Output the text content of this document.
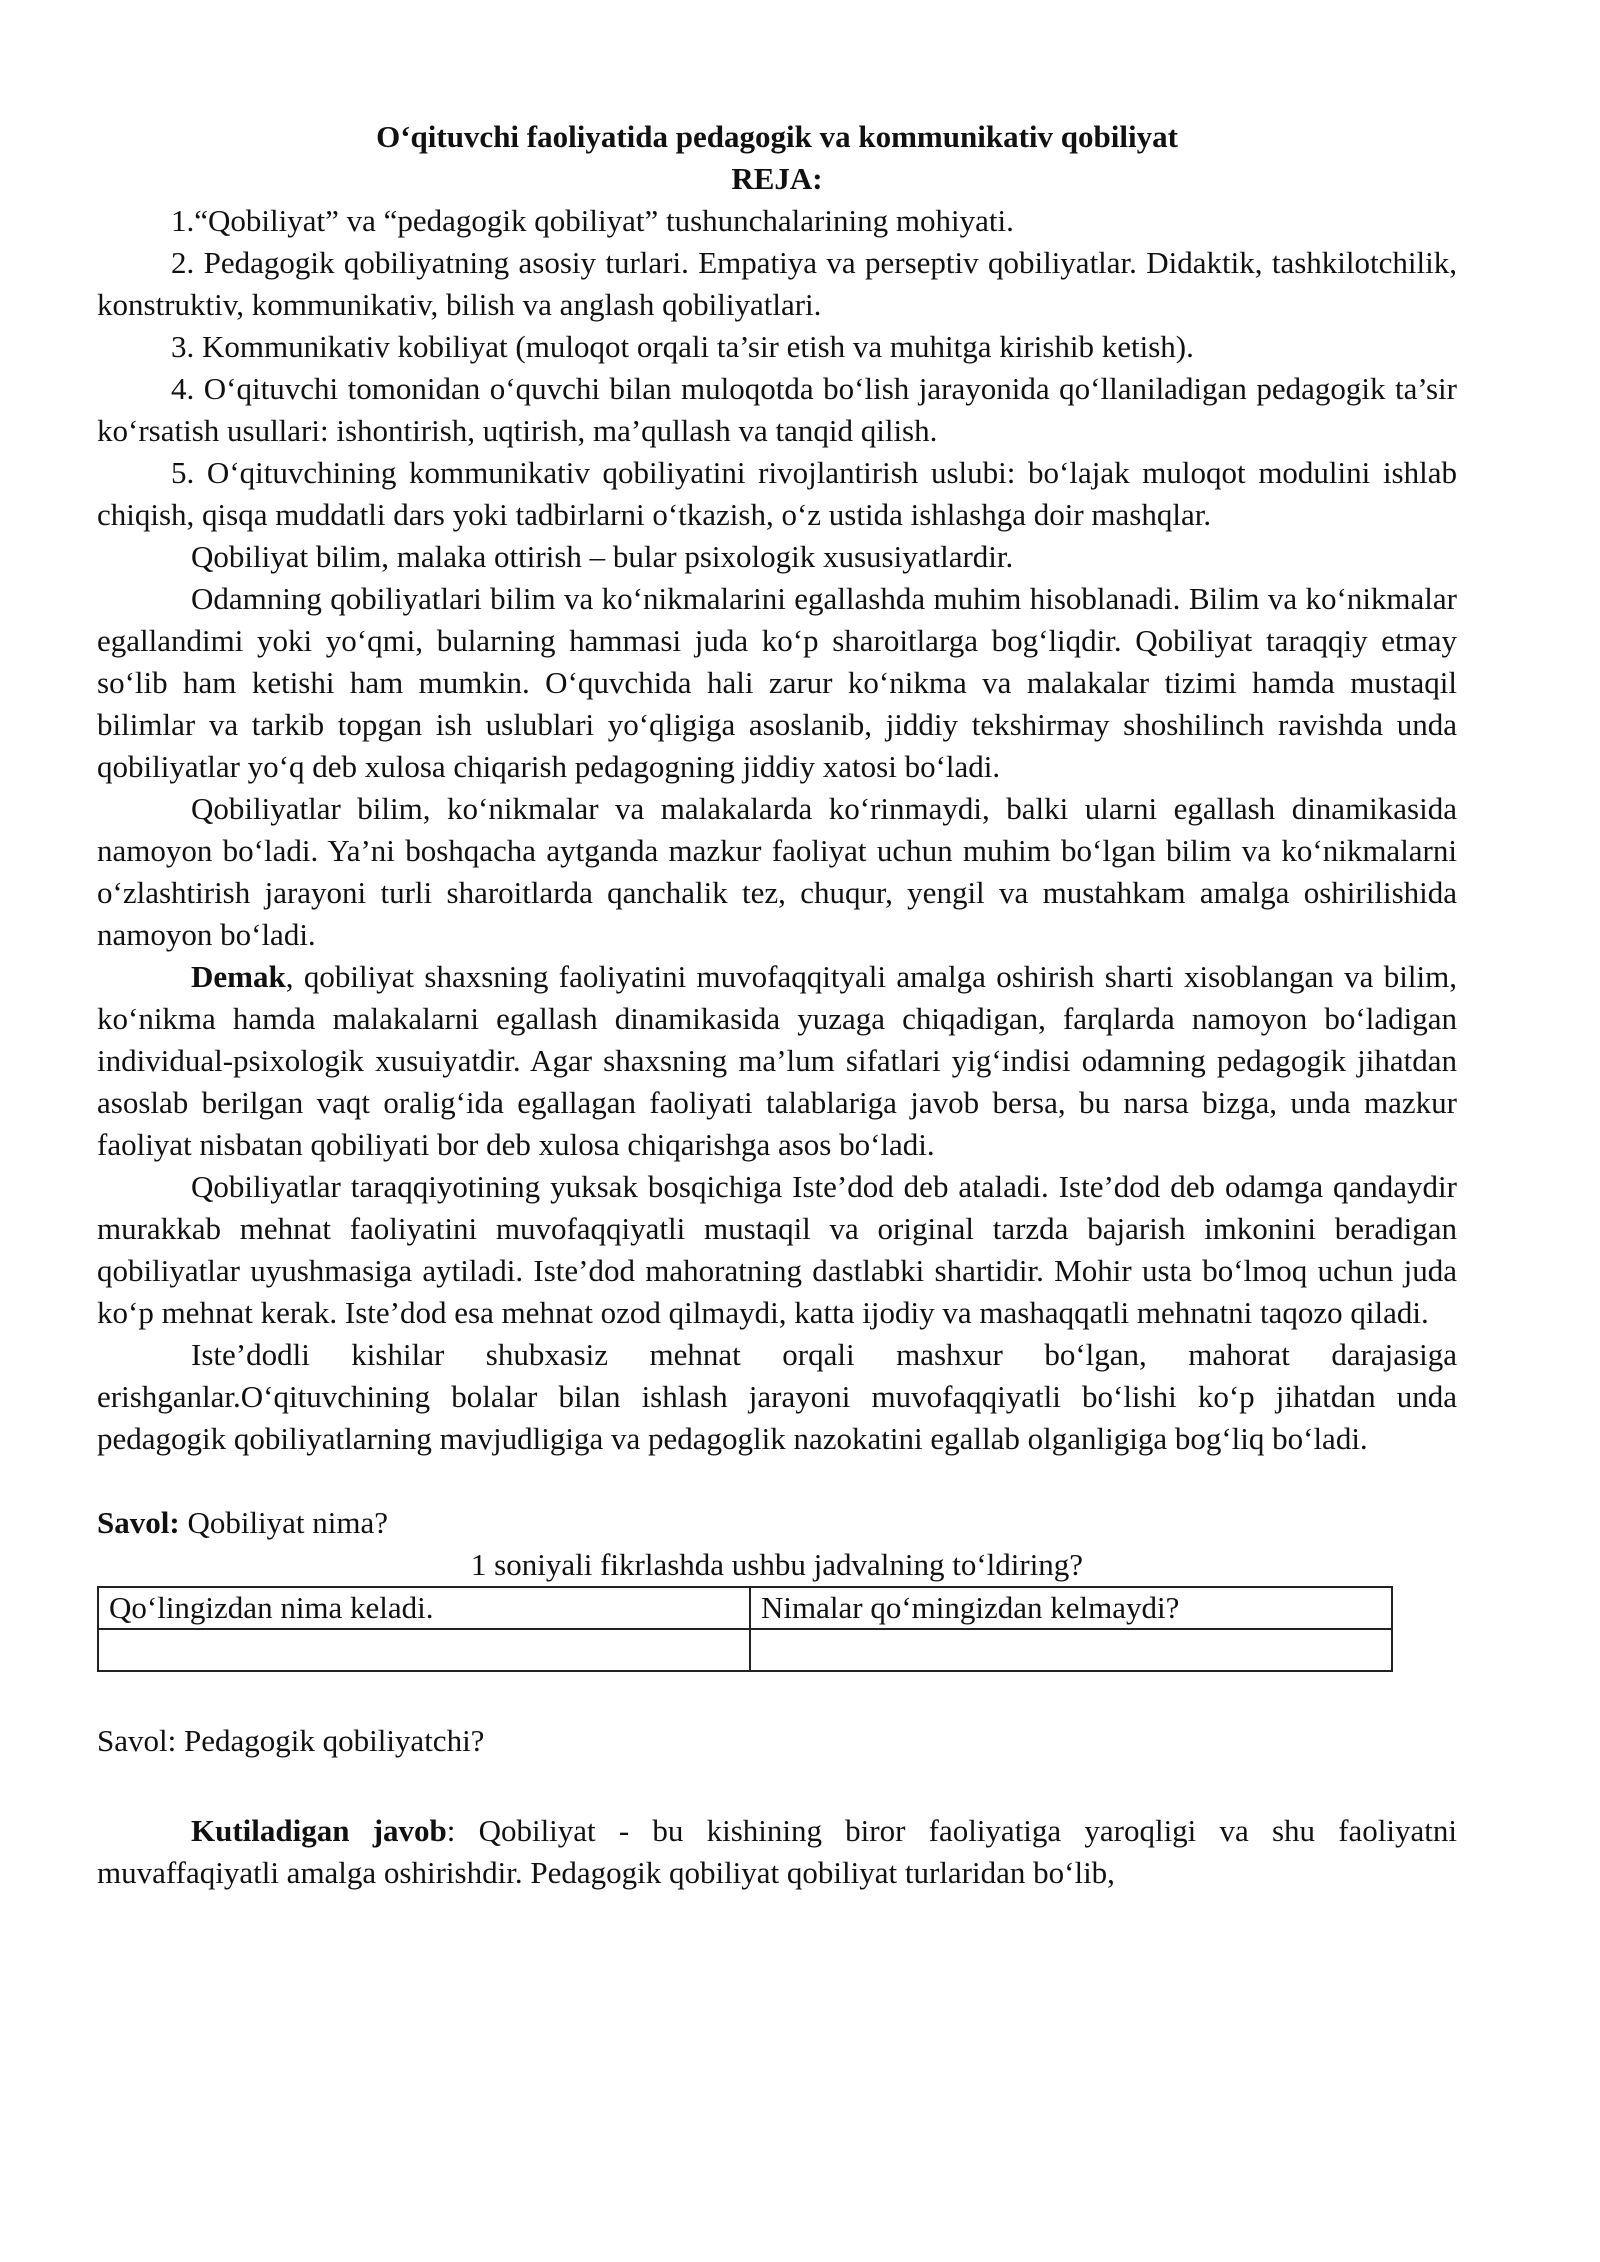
O‘qituvchi faoliyatida pedagogik va kommunikativ qobiliyat
REJA:

1.“Qobiliyat” va “pedagogik qobiliyat” tushunchalarining mohiyati.

2. Pedagogik qobiliyatning asosiy turlari. Empatiya va perseptiv qobiliyatlar. Didaktik, tashkilotchilik, konstruktiv, kommunikativ, bilish va anglash qobiliyatlari.

3. Kommunikativ kobiliyat (muloqot orqali ta’sir etish va muhitga kirishib ketish).

4. O‘qituvchi tomonidan o‘quvchi bilan muloqotda bo‘lish jarayonida qo‘llaniladigan pedagogik ta’sir ko‘rsatish usullari: ishontirish, uqtirish, ma’qullash va tanqid qilish.

5. O‘qituvchining kommunikativ qobiliyatini rivojlantirish uslubi: bo‘lajak muloqot modulini ishlab chiqish, qisqa muddatli dars yoki tadbirlarni o‘tkazish, o‘z ustida ishlashga doir mashqlar.

Qobiliyat bilim, malaka ottirish – bular psixologik xususiyatlardir.

Odamning qobiliyatlari bilim va ko‘nikmalarini egallashda muhim hisoblanadi. Bilim va ko‘nikmalar egallandimi yoki yo‘qmi, bularning hammasi juda ko‘p sharoitlarga bog‘liqdir. Qobiliyat taraqqiy etmay so‘lib ham ketishi ham mumkin. O‘quvchida hali zarur ko‘nikma va malakalar tizimi hamda mustaqil bilimlar va tarkib topgan ish uslublari yo‘qligiga asoslanib, jiddiy tekshirmay shoshilinch ravishda unda qobiliyatlar yo‘q deb xulosa chiqarish pedagogning jiddiy xatosi bo‘ladi.

Qobiliyatlar bilim, ko‘nikmalar va malakalarda ko‘rinmaydi, balki ularni egallash dinamikasida namoyon bo‘ladi. Ya’ni boshqacha aytganda mazkur faoliyat uchun muhim bo‘lgan bilim va ko‘nikmalarni o‘zlashtirish jarayoni turli sharoitlarda qanchalik tez, chuqur, yengil va mustahkam amalga oshirilishida namoyon bo‘ladi.

Demak, qobiliyat shaxsning faoliyatini muvofaqqityali amalga oshirish sharti xisoblangan va bilim, ko‘nikma hamda malakalarni egallash dinamikasida yuzaga chiqadigan, farqlarda namoyon bo‘ladigan individual-psixologik xusuiyatdir. Agar shaxsning ma’lum sifatlari yig‘indisi odamning pedagogik jihatdan asoslab berilgan vaqt oralig‘ida egallagan faoliyati talablariga javob bersa, bu narsa bizga, unda mazkur faoliyat nisbatan qobiliyati bor deb xulosa chiqarishga asos bo‘ladi.

Qobiliyatlar taraqqiyotining yuksak bosqichiga Iste’dod deb ataladi. Iste’dod deb odamga qandaydir murakkab mehnat faoliyatini muvofaqqiyatli mustaqil va original tarzda bajarish imkonini beradigan qobiliyatlar uyushmasiga aytiladi. Iste’dod mahoratning dastlabki shartidir. Mohir usta bo‘lmoq uchun juda ko‘p mehnat kerak. Iste’dod esa mehnat ozod qilmaydi, katta ijodiy va mashaqqatli mehnatni taqozo qiladi.

Iste’dodli kishilar shubxasiz mehnat orqali mashxur bo‘lgan, mahorat darajasiga erishganlar.O‘qituvchining bolalar bilan ishlash jarayoni muvofaqqiyatli bo‘lishi ko‘p jihatdan unda pedagogik qobiliyatlarning mavjudligiga va pedagoglik nazokatini egallab olganligiga bog‘liq bo‘ladi.

Savol: Qobiliyat nima?

1 soniyali fikrlashda ushbu jadvalning to‘ldiring?
Qo‘lingizdan nima keladi.	Nimalar qo‘mingizdan kelmaydi?

Savol: Pedagogik qobiliyatchi?

Kutiladigan javob: Qobiliyat - bu kishining biror faoliyatiga yaroqligi va shu faoliyatni muvaffaqiyatli amalga oshirishdir. Pedagogik qobiliyat qobiliyat turlaridan bo‘lib,
